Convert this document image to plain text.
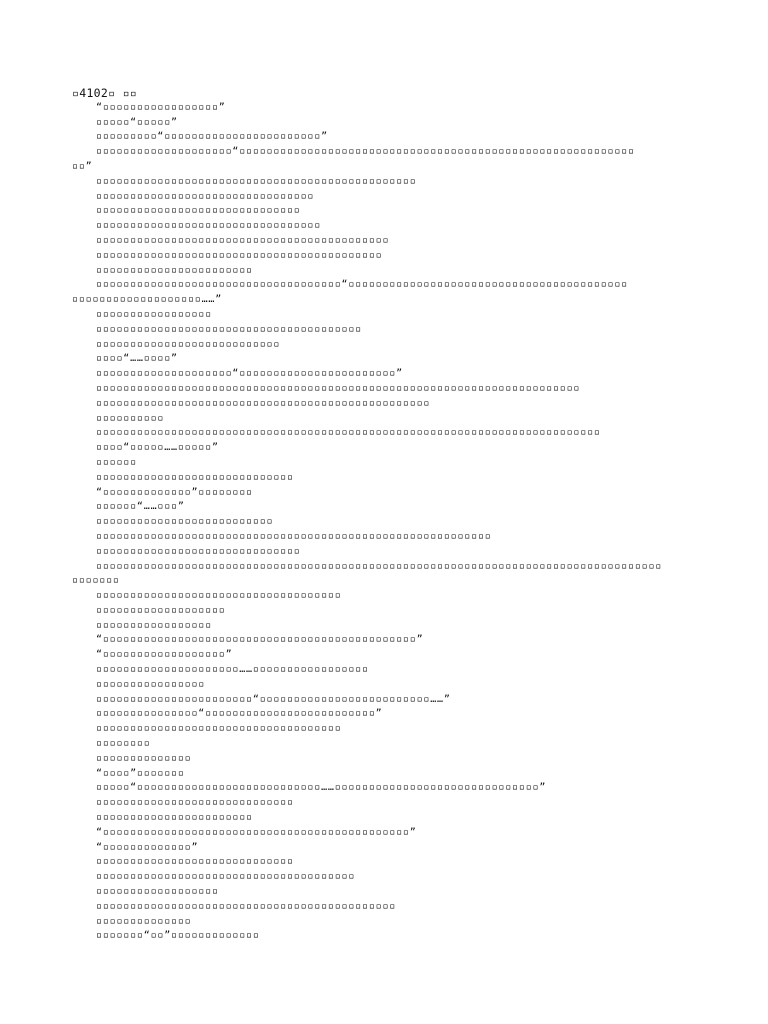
▫4102▫ ▫▫
“▫▫▫▫▫▫▫▫▫▫▫▫▫▫▫▫▫”
▫▫▫▫▫“▫▫▫▫▫”
▫▫▫▫▫▫▫▫▫“▫▫▫▫▫▫▫▫▫▫▫▫▫▫▫▫▫▫▫▫▫▫▫”
▫▫▫▫▫▫▫▫▫▫▫▫▫▫▫▫▫▫▫▫“▫▫▫▫▫▫▫▫▫▫▫▫▫▫▫▫▫▫▫▫▫▫▫▫▫▫▫▫▫▫▫▫▫▫▫▫▫▫▫▫▫▫▫▫▫▫▫▫▫▫▫▫▫▫▫▫▫▫
▫▫”
▫▫▫▫▫▫▫▫▫▫▫▫▫▫▫▫▫▫▫▫▫▫▫▫▫▫▫▫▫▫▫▫▫▫▫▫▫▫▫▫▫▫▫▫▫▫▫
▫▫▫▫▫▫▫▫▫▫▫▫▫▫▫▫▫▫▫▫▫▫▫▫▫▫▫▫▫▫▫▫
▫▫▫▫▫▫▫▫▫▫▫▫▫▫▫▫▫▫▫▫▫▫▫▫▫▫▫▫▫▫
▫▫▫▫▫▫▫▫▫▫▫▫▫▫▫▫▫▫▫▫▫▫▫▫▫▫▫▫▫▫▫▫▫
▫▫▫▫▫▫▫▫▫▫▫▫▫▫▫▫▫▫▫▫▫▫▫▫▫▫▫▫▫▫▫▫▫▫▫▫▫▫▫▫▫▫▫
▫▫▫▫▫▫▫▫▫▫▫▫▫▫▫▫▫▫▫▫▫▫▫▫▫▫▫▫▫▫▫▫▫▫▫▫▫▫▫▫▫▫
▫▫▫▫▫▫▫▫▫▫▫▫▫▫▫▫▫▫▫▫▫▫▫
▫▫▫▫▫▫▫▫▫▫▫▫▫▫▫▫▫▫▫▫▫▫▫▫▫▫▫▫▫▫▫▫▫▫▫▫“▫▫▫▫▫▫▫▫▫▫▫▫▫▫▫▫▫▫▫▫▫▫▫▫▫▫▫▫▫▫▫▫▫▫▫▫▫▫▫▫▫
▫▫▫▫▫▫▫▫▫▫▫▫▫▫▫▫▫▫▫……”
▫▫▫▫▫▫▫▫▫▫▫▫▫▫▫▫▫
▫▫▫▫▫▫▫▫▫▫▫▫▫▫▫▫▫▫▫▫▫▫▫▫▫▫▫▫▫▫▫▫▫▫▫▫▫▫▫
▫▫▫▫▫▫▫▫▫▫▫▫▫▫▫▫▫▫▫▫▫▫▫▫▫▫▫
▫▫▫▫“……▫▫▫▫”
▫▫▫▫▫▫▫▫▫▫▫▫▫▫▫▫▫▫▫▫“▫▫▫▫▫▫▫▫▫▫▫▫▫▫▫▫▫▫▫▫▫▫▫”
▫▫▫▫▫▫▫▫▫▫▫▫▫▫▫▫▫▫▫▫▫▫▫▫▫▫▫▫▫▫▫▫▫▫▫▫▫▫▫▫▫▫▫▫▫▫▫▫▫▫▫▫▫▫▫▫▫▫▫▫▫▫▫▫▫▫▫▫▫▫▫
▫▫▫▫▫▫▫▫▫▫▫▫▫▫▫▫▫▫▫▫▫▫▫▫▫▫▫▫▫▫▫▫▫▫▫▫▫▫▫▫▫▫▫▫▫▫▫▫▫
▫▫▫▫▫▫▫▫▫▫
▫▫▫▫▫▫▫▫▫▫▫▫▫▫▫▫▫▫▫▫▫▫▫▫▫▫▫▫▫▫▫▫▫▫▫▫▫▫▫▫▫▫▫▫▫▫▫▫▫▫▫▫▫▫▫▫▫▫▫▫▫▫▫▫▫▫▫▫▫▫▫▫▫▫
▫▫▫▫“▫▫▫▫▫……▫▫▫▫▫”
▫▫▫▫▫▫
▫▫▫▫▫▫▫▫▫▫▫▫▫▫▫▫▫▫▫▫▫▫▫▫▫▫▫▫▫
“▫▫▫▫▫▫▫▫▫▫▫▫▫”▫▫▫▫▫▫▫▫
▫▫▫▫▫▫“……▫▫▫”
▫▫▫▫▫▫▫▫▫▫▫▫▫▫▫▫▫▫▫▫▫▫▫▫▫▫
▫▫▫▫▫▫▫▫▫▫▫▫▫▫▫▫▫▫▫▫▫▫▫▫▫▫▫▫▫▫▫▫▫▫▫▫▫▫▫▫▫▫▫▫▫▫▫▫▫▫▫▫▫▫▫▫▫▫
▫▫▫▫▫▫▫▫▫▫▫▫▫▫▫▫▫▫▫▫▫▫▫▫▫▫▫▫▫▫
▫▫▫▫▫▫▫▫▫▫▫▫▫▫▫▫▫▫▫▫▫▫▫▫▫▫▫▫▫▫▫▫▫▫▫▫▫▫▫▫▫▫▫▫▫▫▫▫▫▫▫▫▫▫▫▫▫▫▫▫▫▫▫▫▫▫▫▫▫▫▫▫▫▫▫▫▫▫▫▫▫▫▫
▫▫▫▫▫▫▫
▫▫▫▫▫▫▫▫▫▫▫▫▫▫▫▫▫▫▫▫▫▫▫▫▫▫▫▫▫▫▫▫▫▫▫▫
▫▫▫▫▫▫▫▫▫▫▫▫▫▫▫▫▫▫▫
▫▫▫▫▫▫▫▫▫▫▫▫▫▫▫▫▫
“▫▫▫▫▫▫▫▫▫▫▫▫▫▫▫▫▫▫▫▫▫▫▫▫▫▫▫▫▫▫▫▫▫▫▫▫▫▫▫▫▫▫▫▫▫▫”
“▫▫▫▫▫▫▫▫▫▫▫▫▫▫▫▫▫▫”
▫▫▫▫▫▫▫▫▫▫▫▫▫▫▫▫▫▫▫▫▫……▫▫▫▫▫▫▫▫▫▫▫▫▫▫▫▫▫
▫▫▫▫▫▫▫▫▫▫▫▫▫▫▫▫
▫▫▫▫▫▫▫▫▫▫▫▫▫▫▫▫▫▫▫▫▫▫▫“▫▫▫▫▫▫▫▫▫▫▫▫▫▫▫▫▫▫▫▫▫▫▫▫▫……”
▫▫▫▫▫▫▫▫▫▫▫▫▫▫▫“▫▫▫▫▫▫▫▫▫▫▫▫▫▫▫▫▫▫▫▫▫▫▫▫▫”
▫▫▫▫▫▫▫▫▫▫▫▫▫▫▫▫▫▫▫▫▫▫▫▫▫▫▫▫▫▫▫▫▫▫▫▫
▫▫▫▫▫▫▫▫
▫▫▫▫▫▫▫▫▫▫▫▫▫▫
“▫▫▫▫”▫▫▫▫▫▫▫
▫▫▫▫▫“▫▫▫▫▫▫▫▫▫▫▫▫▫▫▫▫▫▫▫▫▫▫▫▫▫▫▫……▫▫▫▫▫▫▫▫▫▫▫▫▫▫▫▫▫▫▫▫▫▫▫▫▫▫▫▫▫▫”
▫▫▫▫▫▫▫▫▫▫▫▫▫▫▫▫▫▫▫▫▫▫▫▫▫▫▫▫▫
▫▫▫▫▫▫▫▫▫▫▫▫▫▫▫▫▫▫▫▫▫▫▫
“▫▫▫▫▫▫▫▫▫▫▫▫▫▫▫▫▫▫▫▫▫▫▫▫▫▫▫▫▫▫▫▫▫▫▫▫▫▫▫▫▫▫▫▫▫”
“▫▫▫▫▫▫▫▫▫▫▫▫▫”
▫▫▫▫▫▫▫▫▫▫▫▫▫▫▫▫▫▫▫▫▫▫▫▫▫▫▫▫▫
▫▫▫▫▫▫▫▫▫▫▫▫▫▫▫▫▫▫▫▫▫▫▫▫▫▫▫▫▫▫▫▫▫▫▫▫▫▫
▫▫▫▫▫▫▫▫▫▫▫▫▫▫▫▫▫▫
▫▫▫▫▫▫▫▫▫▫▫▫▫▫▫▫▫▫▫▫▫▫▫▫▫▫▫▫▫▫▫▫▫▫▫▫▫▫▫▫▫▫▫▫
▫▫▫▫▫▫▫▫▫▫▫▫▫▫
▫▫▫▫▫▫▫“▫▫”▫▫▫▫▫▫▫▫▫▫▫▫▫
